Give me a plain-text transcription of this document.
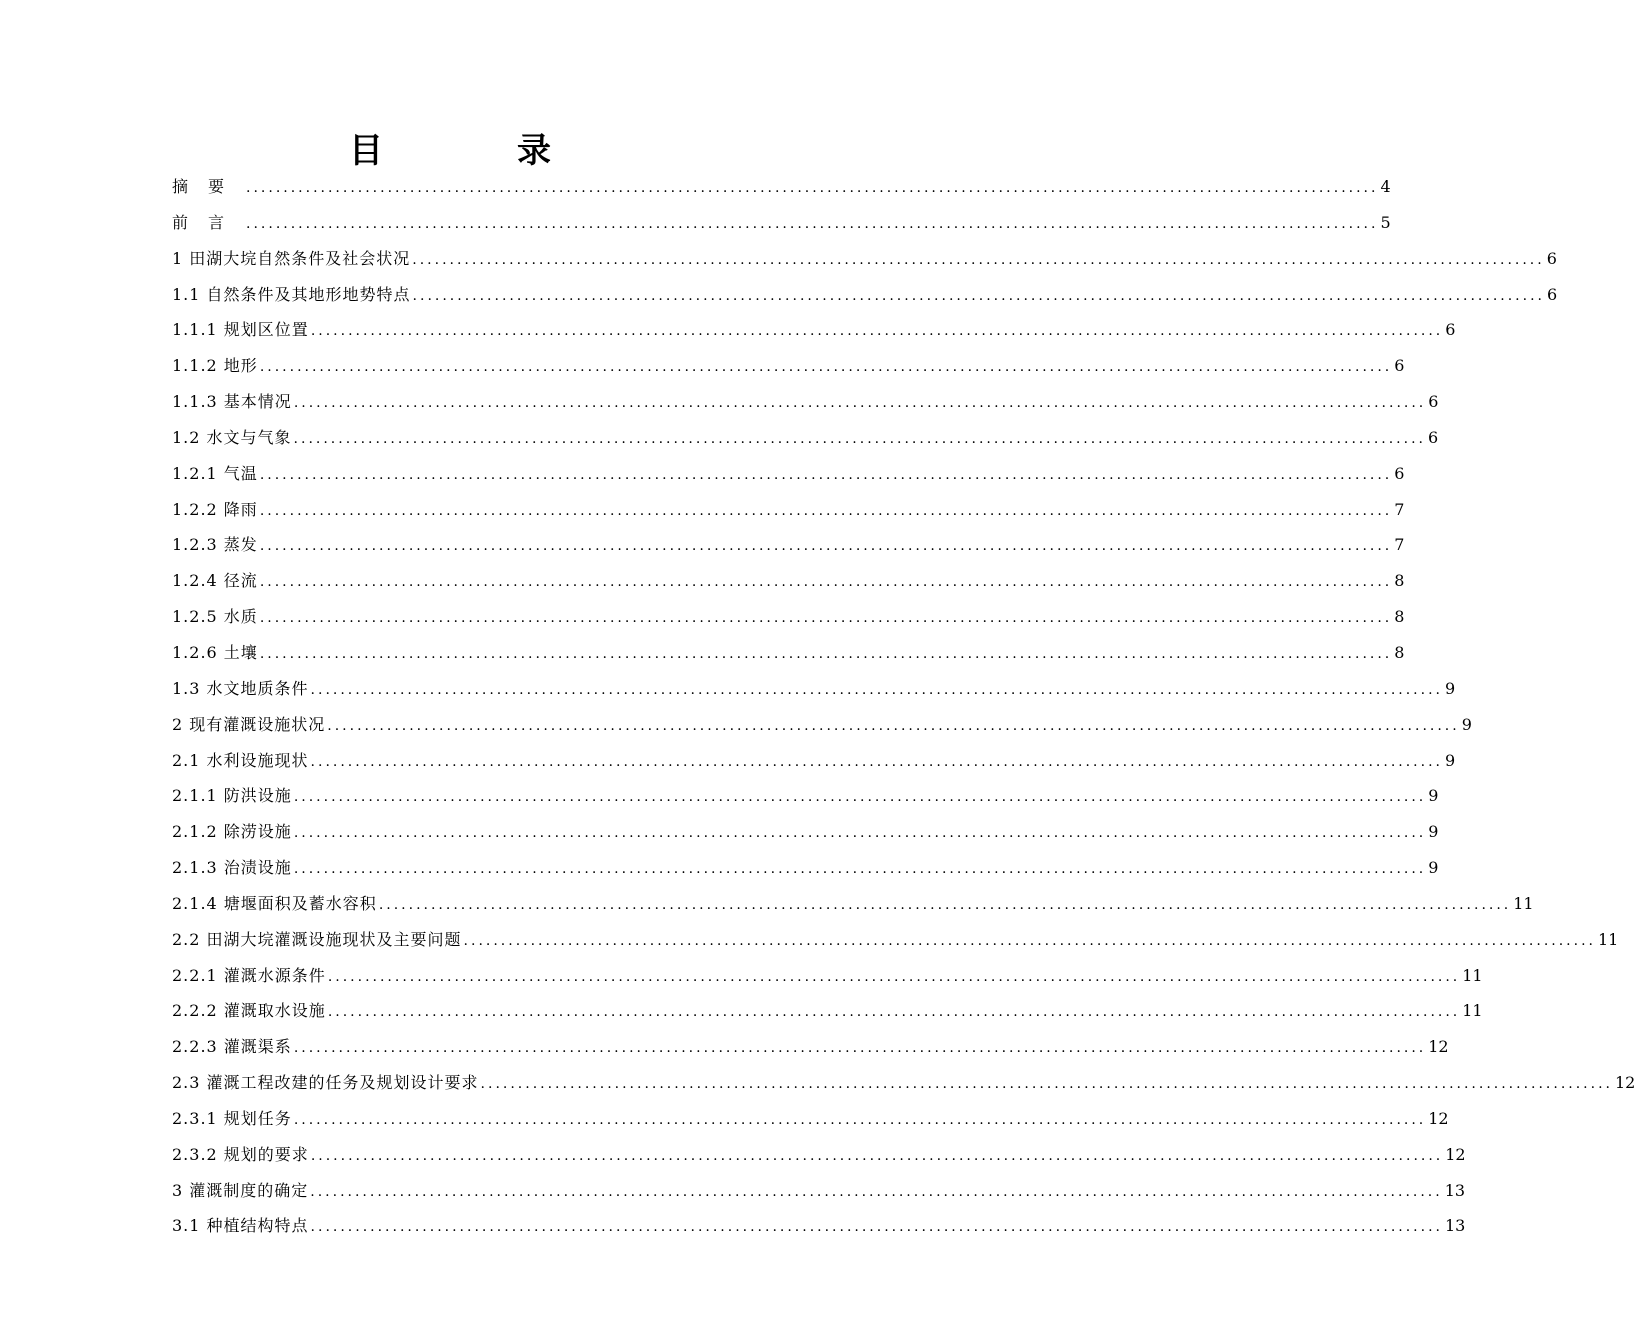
目　录
摘要 ........................................................................................................................................................ 4
前言 ........................................................................................................................................................ 5
1 田湖大垸自然条件及社会状况 ........................................................................................................................................................ 6
1.1 自然条件及其地形地势特点 ........................................................................................................................................................ 6
1.1.1 规划区位置 ........................................................................................................................................................ 6
1.1.2 地形 ........................................................................................................................................................ 6
1.1.3 基本情况 ........................................................................................................................................................ 6
1.2 水文与气象 ........................................................................................................................................................ 6
1.2.1 气温 ........................................................................................................................................................ 6
1.2.2 降雨 ........................................................................................................................................................ 7
1.2.3 蒸发 ........................................................................................................................................................ 7
1.2.4 径流 ........................................................................................................................................................ 8
1.2.5 水质 ........................................................................................................................................................ 8
1.2.6 土壤 ........................................................................................................................................................ 8
1.3 水文地质条件 ........................................................................................................................................................ 9
2 现有灌溉设施状况 ........................................................................................................................................................ 9
2.1 水利设施现状 ........................................................................................................................................................ 9
2.1.1 防洪设施 ........................................................................................................................................................ 9
2.1.2 除涝设施 ........................................................................................................................................................ 9
2.1.3 治渍设施 ........................................................................................................................................................ 9
2.1.4 塘堰面积及蓄水容积 ........................................................................................................................................................ 11
2.2 田湖大垸灌溉设施现状及主要问题 ........................................................................................................................................................ 11
2.2.1 灌溉水源条件 ........................................................................................................................................................ 11
2.2.2 灌溉取水设施 ........................................................................................................................................................ 11
2.2.3 灌溉渠系 ........................................................................................................................................................ 12
2.3 灌溉工程改建的任务及规划设计要求 ........................................................................................................................................................ 12
2.3.1 规划任务 ........................................................................................................................................................ 12
2.3.2 规划的要求 ........................................................................................................................................................ 12
3 灌溉制度的确定 ........................................................................................................................................................ 13
3.1 种植结构特点 ........................................................................................................................................................ 13
